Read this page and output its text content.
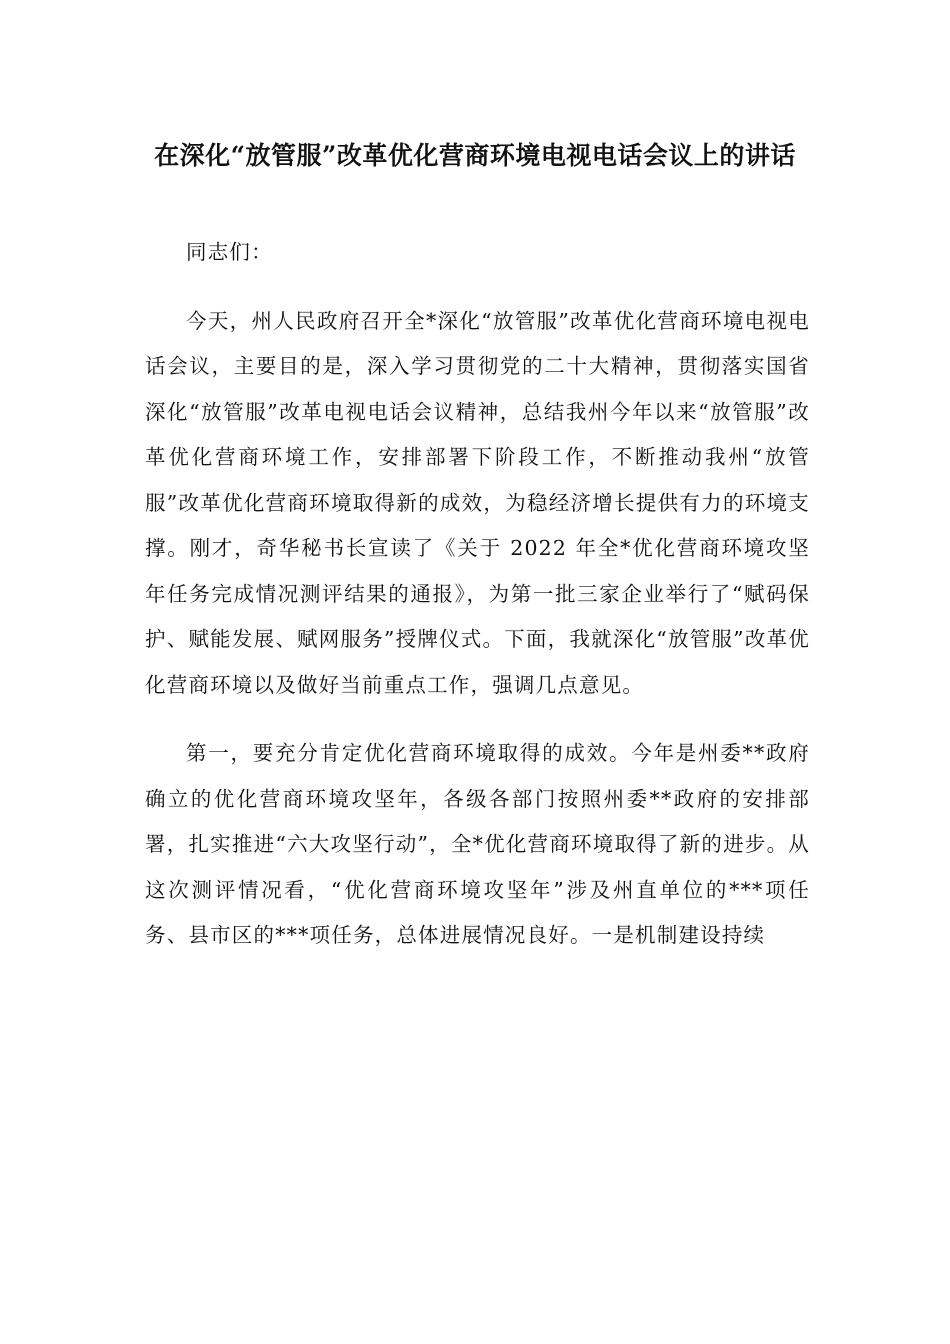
在深化“放管服”改革优化营商环境电视电话会议上的讲话

同志们：

今天，州人民政府召开全*深化“放管服”改革优化营商环境电视电话会议，主要目的是，深入学习贯彻党的二十大精神，贯彻落实国省深化“放管服”改革电视电话会议精神，总结我州今年以来“放管服”改革优化营商环境工作，安排部署下阶段工作，不断推动我州“放管服”改革优化营商环境取得新的成效，为稳经济增长提供有力的环境支撑。刚才，奇华秘书长宣读了《关于 2022 年全*优化营商环境攻坚年任务完成情况测评结果的通报》，为第一批三家企业举行了“赋码保护、赋能发展、赋网服务”授牌仪式。下面，我就深化“放管服”改革优化营商环境以及做好当前重点工作，强调几点意见。

第一，要充分肯定优化营商环境取得的成效。今年是州委**政府确立的优化营商环境攻坚年，各级各部门按照州委**政府的安排部署，扎实推进“六大攻坚行动”，全*优化营商环境取得了新的进步。从这次测评情况看，“优化营商环境攻坚年”涉及州直单位的***项任务、县市区的***项任务，总体进展情况良好。一是机制建设持续
